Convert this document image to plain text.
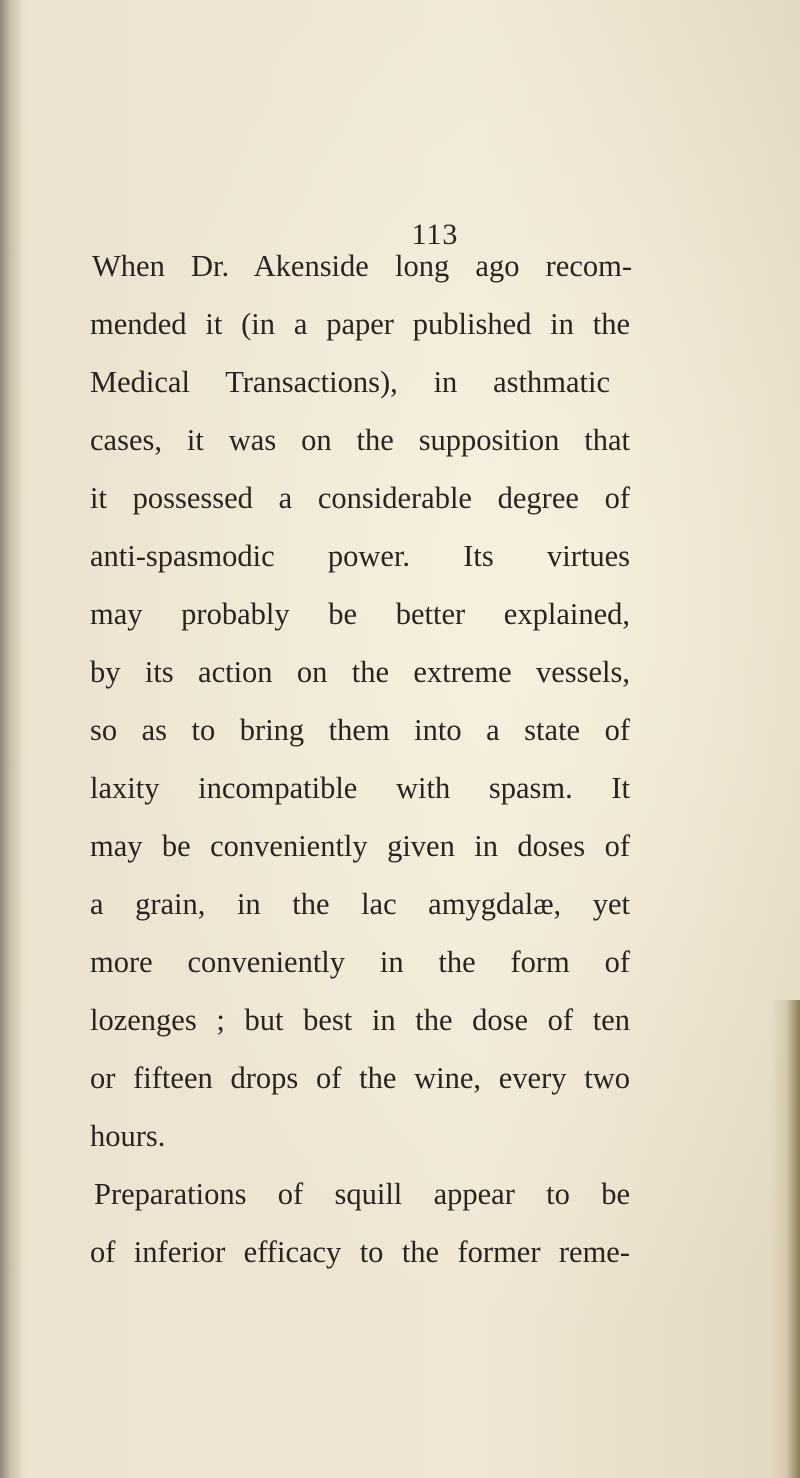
113
When Dr. Akenside long ago recom-
mended it (in a paper published in the
Medical Transactions), in asthmatic
cases, it was on the supposition that
it possessed a considerable degree of
anti-spasmodic power. Its virtues
may probably be better explained,
by its action on the extreme vessels,
so as to bring them into a state of
laxity incompatible with spasm. It
may be conveniently given in doses of
a grain, in the lac amygdalæ, yet
more conveniently in the form of
lozenges ; but best in the dose of ten
or fifteen drops of the wine, every two
hours.
Preparations of squill appear to be
of inferior efficacy to the former reme-
